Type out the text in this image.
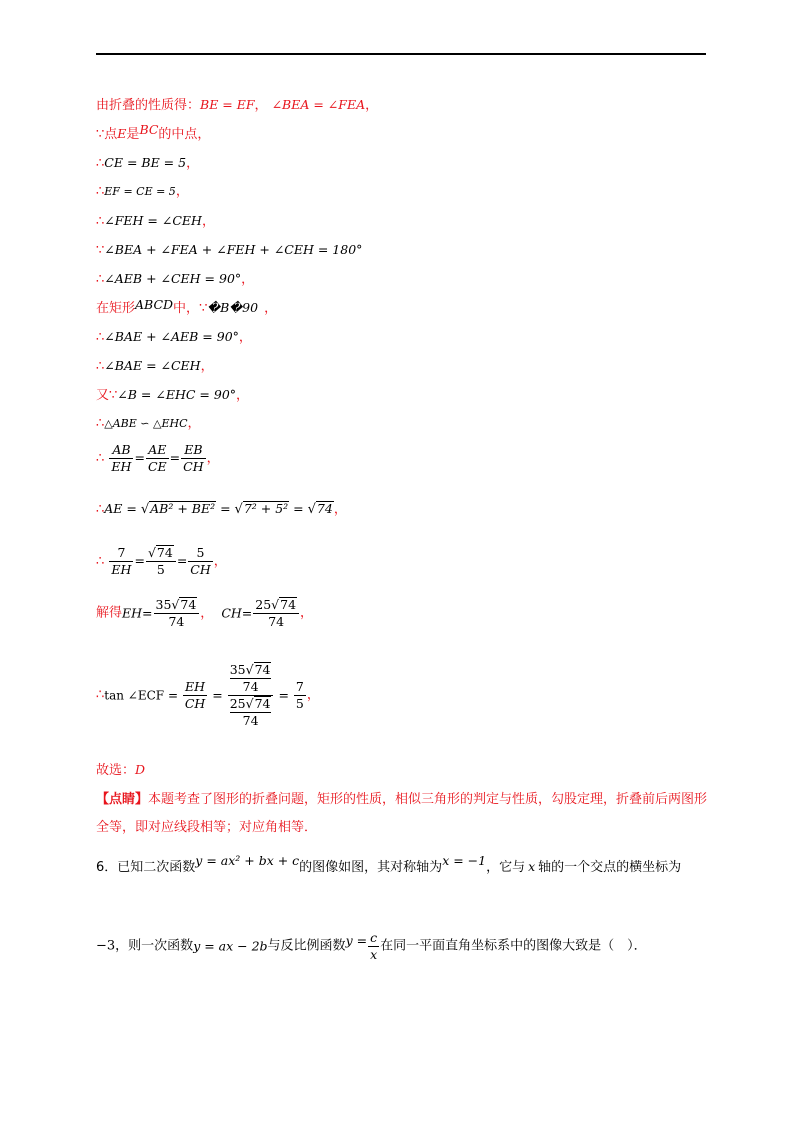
由折叠的性质得：BE = EF， ∠BEA = ∠FEA，
∵点E是BC的中点，
∴CE = BE = 5，
∴EF = CE = 5，
∴∠FEH = ∠CEH，
∵∠BEA + ∠FEA + ∠FEH + ∠CEH = 180°
∴∠AEB + ∠CEH = 90°，
在矩形ABCD中，∵�B�90 ，
∴∠BAE + ∠AEB = 90°，
∴∠BAE = ∠CEH，
又∵∠B = ∠EHC = 90°，
∴△ABE ∽ △EHC，
∴ $\frac{AB}{EH} = \frac{AE}{CE} = \frac{EB}{CH}$ ，
∴AE = √AB² + BE² = √7² + 5² = √74，
∴ $\frac{7}{EH} = \frac{√74}{5} = \frac{5}{CH}$ ，
解得$EH= \frac{35√74}{74}$ ， $CH= \frac{25√74}{74}$ ，
∴tan ∠ECF = $\frac{EH}{CH} = 35√74$
74
25√74
$74 = \frac{7}{5}$ ，
故选：D
【点睛】本题考查了图形的折叠问题，矩形的性质，相似三角形的判定与性质，勾股定理，折叠前后两图形全等，即对应线段相等；对应角相等．
6．已知二次函数y = ax² + bx + c的图像如图，其对称轴为x = −1，它与 x 轴的一个交点的横坐标为
−3，则一次函数y = ax − 2b与反比例函数$y = \frac{c}{x}$ 在同一平面直角坐标系中的图像大致是（　）．
